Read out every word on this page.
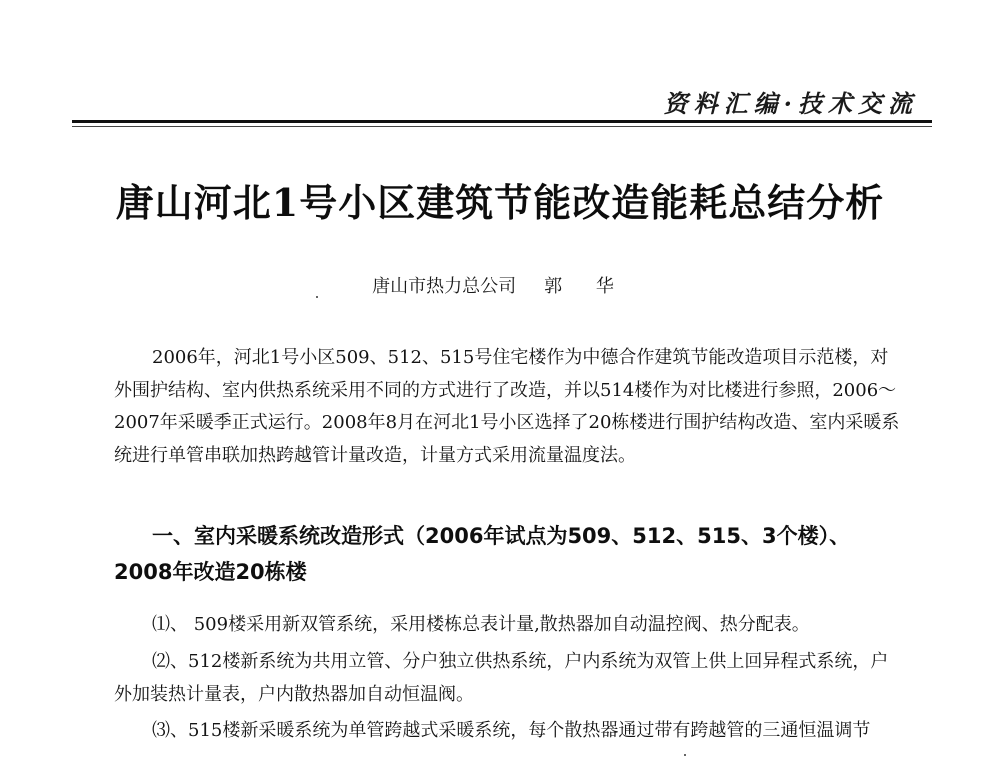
资料汇编·技术交流
唐山河北1号小区建筑节能改造能耗总结分析
唐山市热力总公司 郭 华
2006年，河北1号小区509、512、515号住宅楼作为中德合作建筑节能改造项目示范楼，对外围护结构、室内供热系统采用不同的方式进行了改造，并以514楼作为对比楼进行参照，2006～2007年采暖季正式运行。2008年8月在河北1号小区选择了20栋楼进行围护结构改造、室内采暖系统进行单管串联加热跨越管计量改造，计量方式采用流量温度法。
一、室内采暖系统改造形式（2006年试点为509、512、515、3个楼）、2008年改造20栋楼
⑴、 509楼采用新双管系统，采用楼栋总表计量,散热器加自动温控阀、热分配表。
⑵、512楼新系统为共用立管、分户独立供热系统，户内系统为双管上供上回异程式系统，户外加装热计量表，户内散热器加自动恒温阀。
⑶、515楼新采暖系统为单管跨越式采暖系统，每个散热器通过带有跨越管的三通恒温调节
